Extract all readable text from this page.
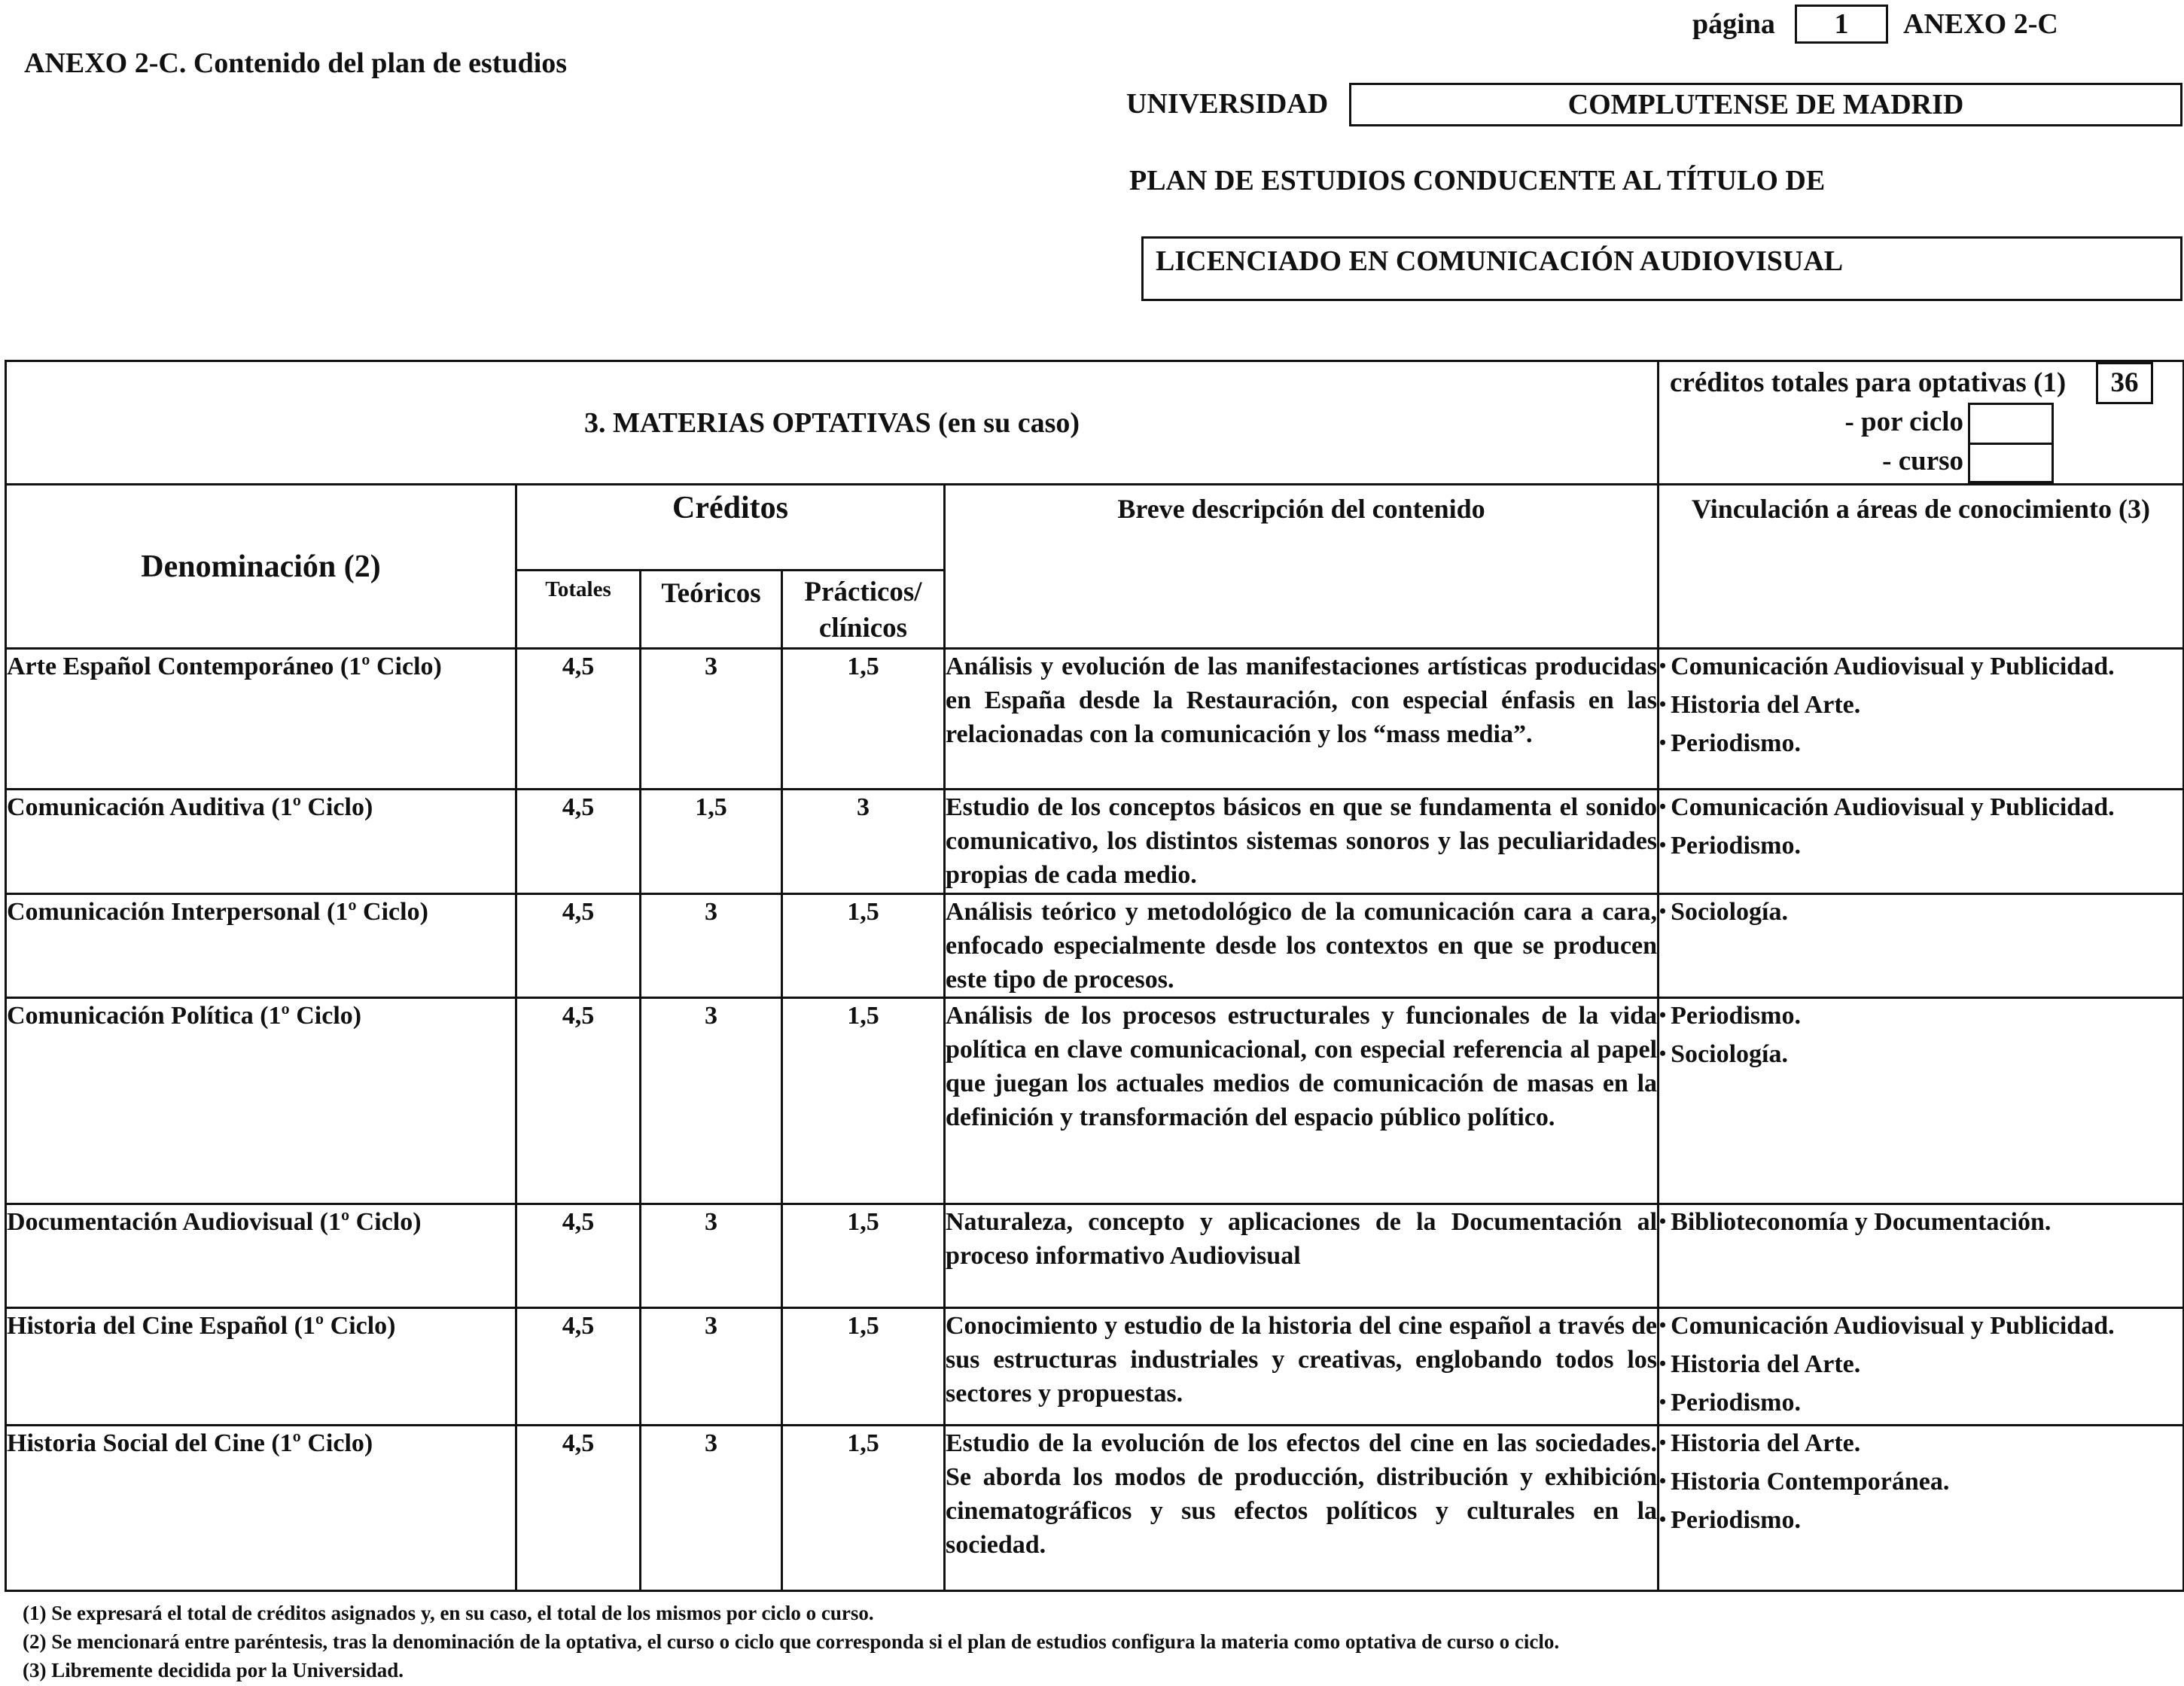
ANEXO 2-C. Contenido del plan de estudios
página	1	ANEXO 2-C
UNIVERSIDAD	COMPLUTENSE DE MADRID
PLAN DE ESTUDIOS CONDUCENTE AL TÍTULO DE
LICENCIADO EN COMUNICACIÓN AUDIOVISUAL
3. MATERIAS OPTATIVAS (en su caso)					créditos totales para optativas (1) 36
- por ciclo
- curso

Denominación (2)	Créditos			Breve descripción del contenido	Vinculación a áreas de conocimiento (3)
	Totales	Teóricos	Prácticos/ clínicos		
Arte Español Contemporáneo (1º Ciclo)	4,5	3	1,5	Análisis y evolución de las manifestaciones artísticas producidas en España desde la Restauración, con especial énfasis en las relacionadas con la comunicación y los “mass media”.	• Comunicación Audiovisual y Publicidad.
• Historia del Arte.
• Periodismo.

Comunicación Auditiva (1º Ciclo)	4,5	1,5	3	Estudio de los conceptos básicos en que se fundamenta el sonido comunicativo, los distintos sistemas sonoros y las peculiaridades propias de cada medio.	• Comunicación Audiovisual y Publicidad.
• Periodismo.

Comunicación Interpersonal (1º Ciclo)	4,5	3	1,5	Análisis teórico y metodológico de la comunicación cara a cara, enfocado especialmente desde los contextos en que se producen este tipo de procesos.	• Sociología.

Comunicación Política (1º Ciclo)	4,5	3	1,5	Análisis de los procesos estructurales y funcionales de la vida política en clave comunicacional, con especial referencia al papel que juegan los actuales medios de comunicación de masas en la definición y transformación del espacio público político.	• Periodismo.
• Sociología.

Documentación Audiovisual (1º Ciclo)	4,5	3	1,5	Naturaleza, concepto y aplicaciones de la Documentación al proceso informativo Audiovisual	• Biblioteconomía y Documentación.

Historia del Cine Español (1º Ciclo)	4,5	3	1,5	Conocimiento y estudio de la historia del cine español a través de sus estructuras industriales y creativas, englobando todos los sectores y propuestas.	• Comunicación Audiovisual y Publicidad.
• Historia del Arte.
• Periodismo.

Historia Social del Cine (1º Ciclo)	4,5	3	1,5	Estudio de la evolución de los efectos del cine en las sociedades. Se aborda los modos de producción, distribución y exhibición cinematográficos y sus efectos políticos y culturales en la sociedad.	• Historia del Arte.
• Historia Contemporánea.
• Periodismo.
(1) Se expresará el total de créditos asignados y, en su caso, el total de los mismos por ciclo o curso.
(2) Se mencionará entre paréntesis, tras la denominación de la optativa, el curso o ciclo que corresponda si el plan de estudios configura la materia como optativa de curso o ciclo.
(3) Libremente decidida por la Universidad.
